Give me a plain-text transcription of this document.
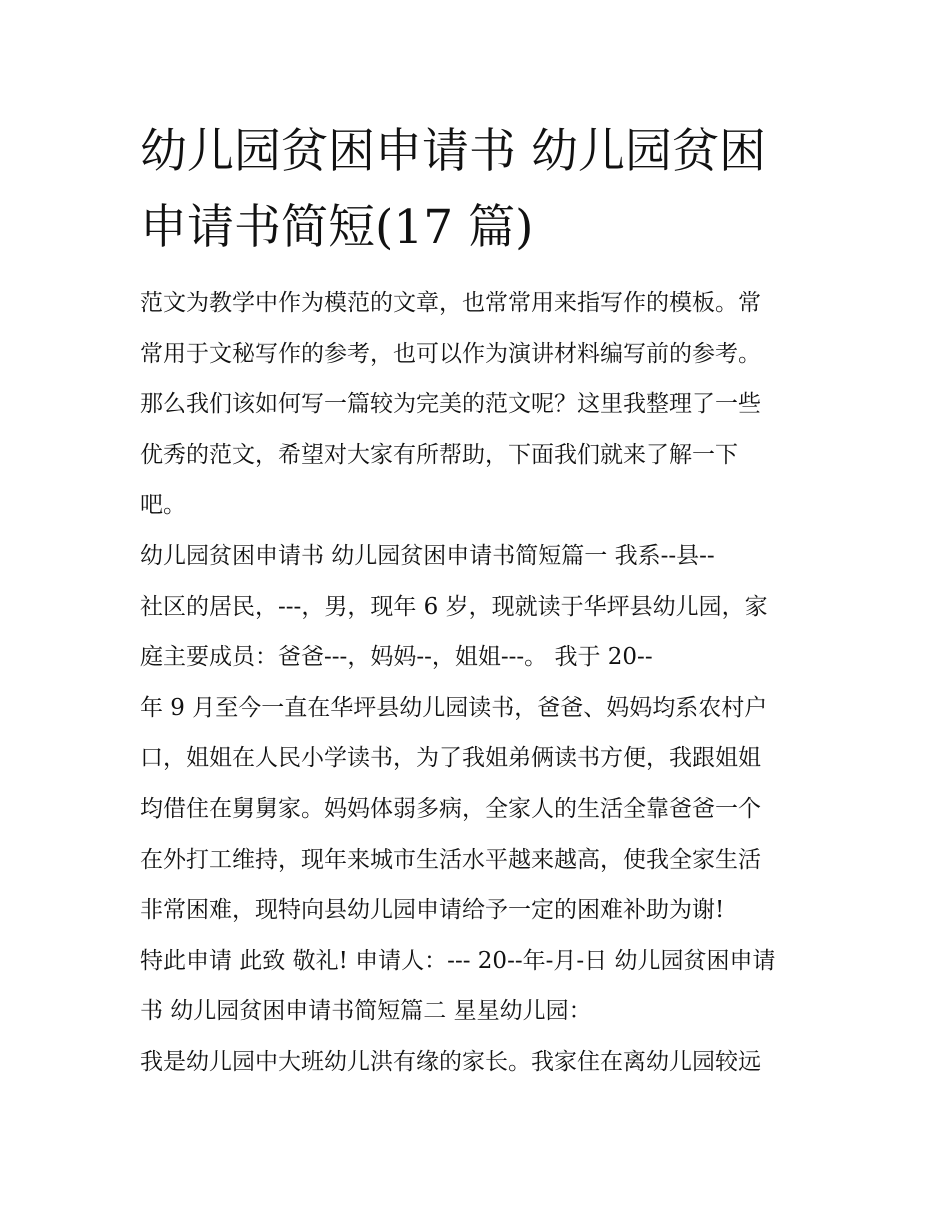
幼儿园贫困申请书 幼儿园贫困
申请书简短(17 篇)
范文为教学中作为模范的文章，也常常用来指写作的模板。常
常用于文秘写作的参考，也可以作为演讲材料编写前的参考。
那么我们该如何写一篇较为完美的范文呢？这里我整理了一些
优秀的范文，希望对大家有所帮助，下面我们就来了解一下
吧。
幼儿园贫困申请书 幼儿园贫困申请书简短篇一 我系--县--
社区的居民，---，男，现年 6 岁，现就读于华坪县幼儿园，家
庭主要成员：爸爸---，妈妈--，姐姐---。 我于 20--
年 9 月至今一直在华坪县幼儿园读书，爸爸、妈妈均系农村户
口，姐姐在人民小学读书，为了我姐弟俩读书方便，我跟姐姐
均借住在舅舅家。妈妈体弱多病，全家人的生活全靠爸爸一个
在外打工维持，现年来城市生活水平越来越高，使我全家生活
非常困难，现特向县幼儿园申请给予一定的困难补助为谢!
特此申请 此致 敬礼! 申请人：--- 20--年-月-日 幼儿园贫困申请
书 幼儿园贫困申请书简短篇二 星星幼儿园：
我是幼儿园中大班幼儿洪有缘的家长。我家住在离幼儿园较远
